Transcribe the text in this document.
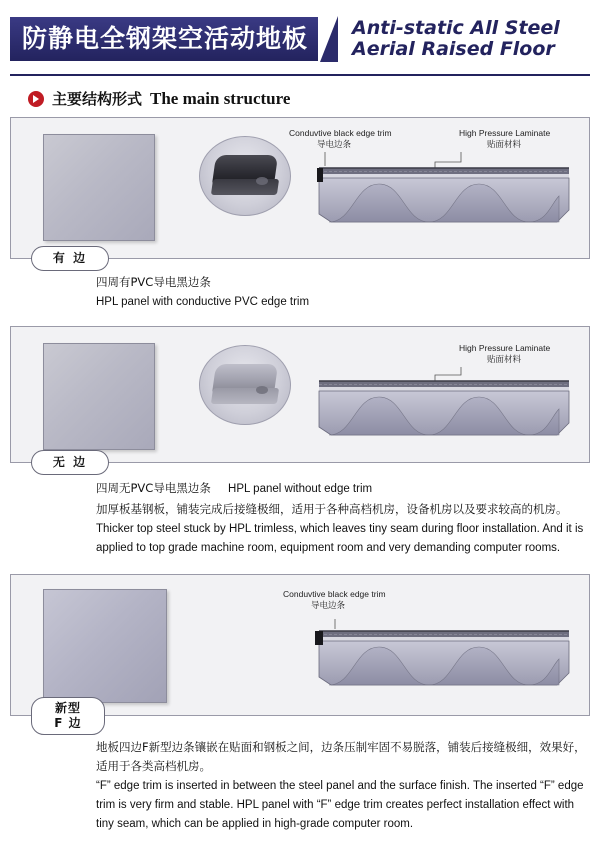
防静电全钢架空活动地板	Anti-static All Steel
Aerial Raised Floor
主要结构形式 The main structure
Conduvtive black edge trim
导电边条
High Pressure Laminate
贴面材料
有 边
四周有PVC导电黑边条
HPL panel with conductive PVC edge trim
High Pressure Laminate
贴面材料
无 边
四周无PVC导电黑边条 HPL panel without edge trim
加厚板基钢板，铺装完成后接缝极细，适用于各种高档机房，设备机房以及要求较高的机房。
Thicker top steel stuck by HPL trimless, which leaves tiny seam during floor installation. And it is applied to top grade machine room, equipment room and very demanding computer rooms.
Conduvtive black edge trim
导电边条
新型
F 边
地板四边F新型边条镶嵌在贴面和钢板之间，边条压制牢固不易脱落，铺装后接缝极细，效果好，适用于各类高档机房。
“F” edge trim is inserted in between the steel panel and the surface finish. The inserted “F” edge trim is very firm and stable. HPL panel with “F” edge trim creates perfect installation effect with tiny seam, which can be applied in high-grade computer room.
